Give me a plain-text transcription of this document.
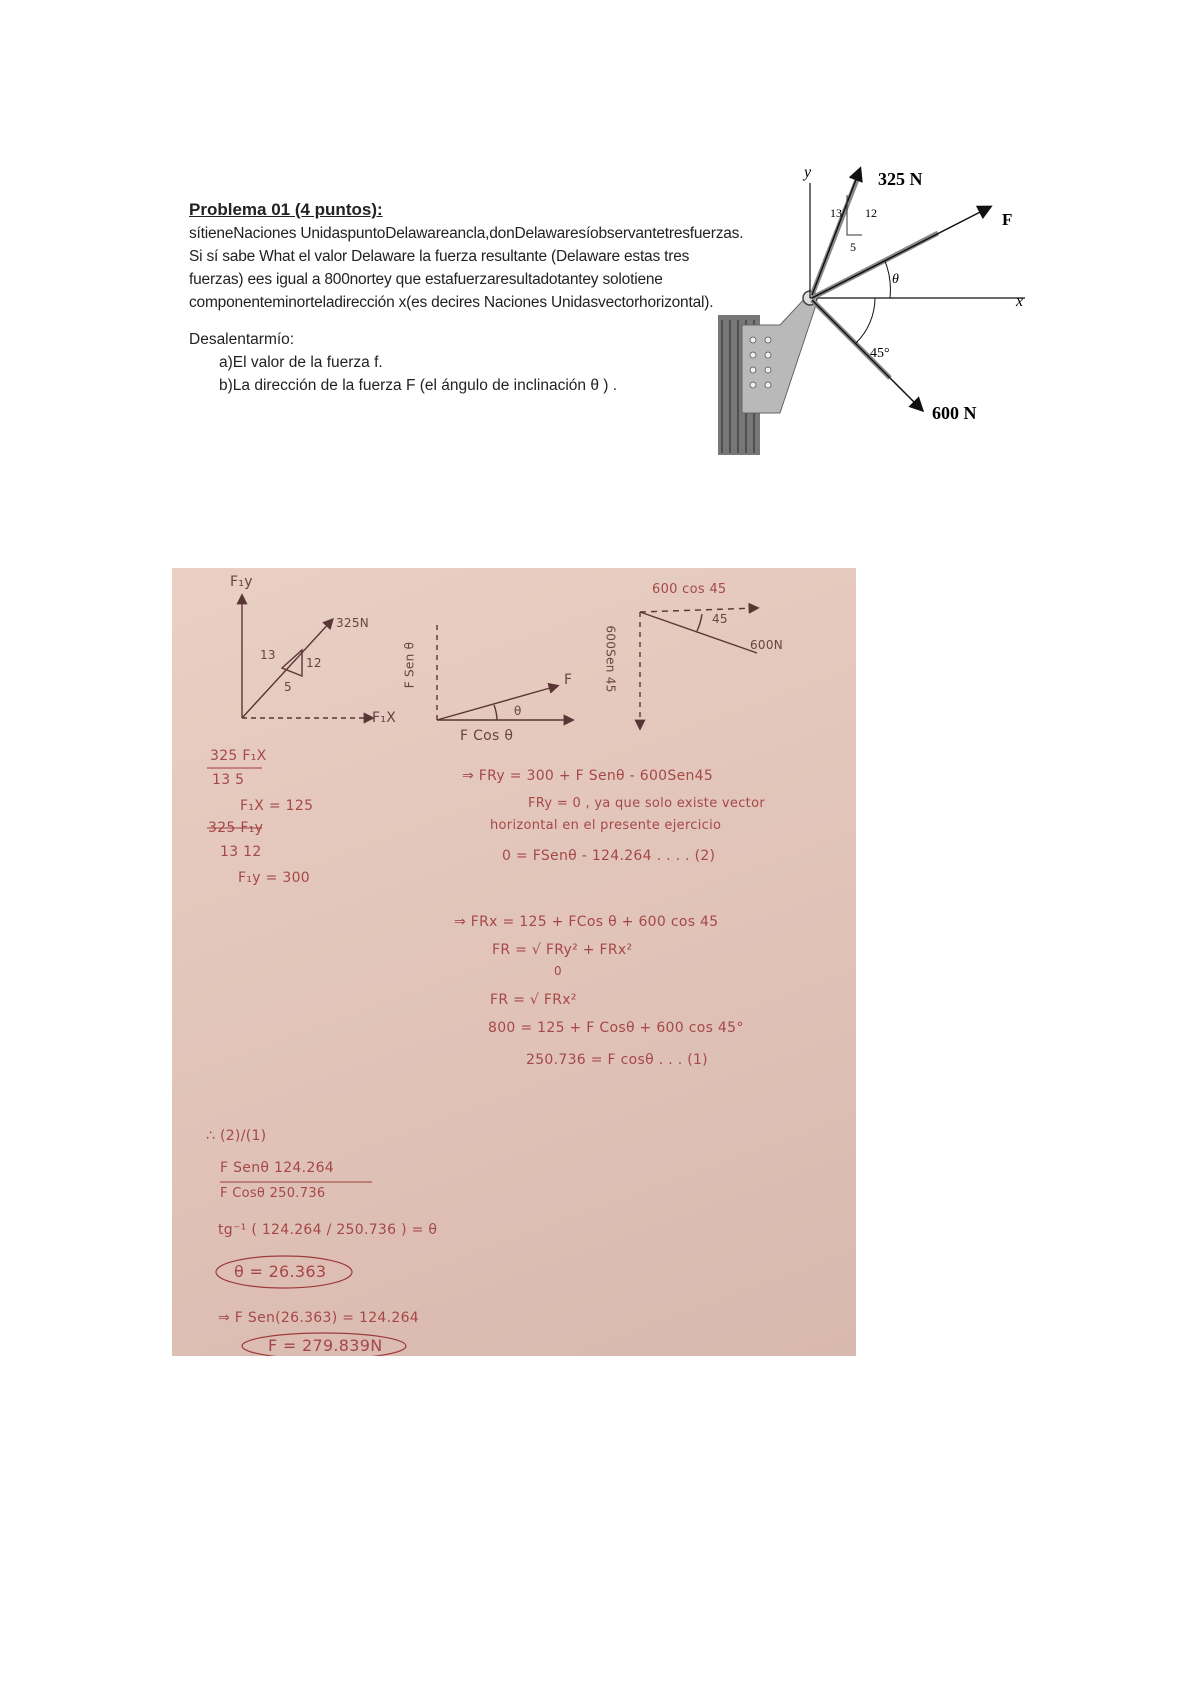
Problema 01 (4 puntos):
sítieneNaciones UnidaspuntoDelawareancla,donDelawaresíobservantetresfuerzas.
Si sí sabe What el valor Delaware la fuerza resultante (Delaware estas tres
fuerzas) ees igual a 800nortey que estafuerzaresultadotantey solotiene
componenteminorteladirección x(es decires Naciones Unidasvectorhorizontal).
Desalentarmío:
a)El valor de la fuerza f.
b)La dirección de la fuerza F (el ángulo de inclinación θ ) .
x
y	325 N
13 12
5
F
θ
45°
600 N
F₁y
325N
13
12
5
F₁X
F Sen θ	F
θ
F Cos θ
600 cos 45
45
600N
600Sen 45
325 F₁X
13 5
F₁X = 125
325 F₁y
13 12
F₁y = 300
⇒ FRy = 300 + F Senθ - 600Sen45
FRy = 0 , ya que solo existe vector
horizontal en el presente ejercicio
0 = FSenθ - 124.264 . . . . (2)
⇒ FRx = 125 + FCos θ + 600 cos 45
FR = √ FRy² + FRx²
0
FR = √ FRx²
800 = 125 + F Cosθ + 600 cos 45°
250.736 = F cosθ . . . (1)
∴ (2)/(1)
F Senθ 124.264
F Cosθ 250.736
tg⁻¹ ( 124.264 / 250.736 ) = θ
θ = 26.363
⇒ F Sen(26.363) = 124.264
F = 279.839N
